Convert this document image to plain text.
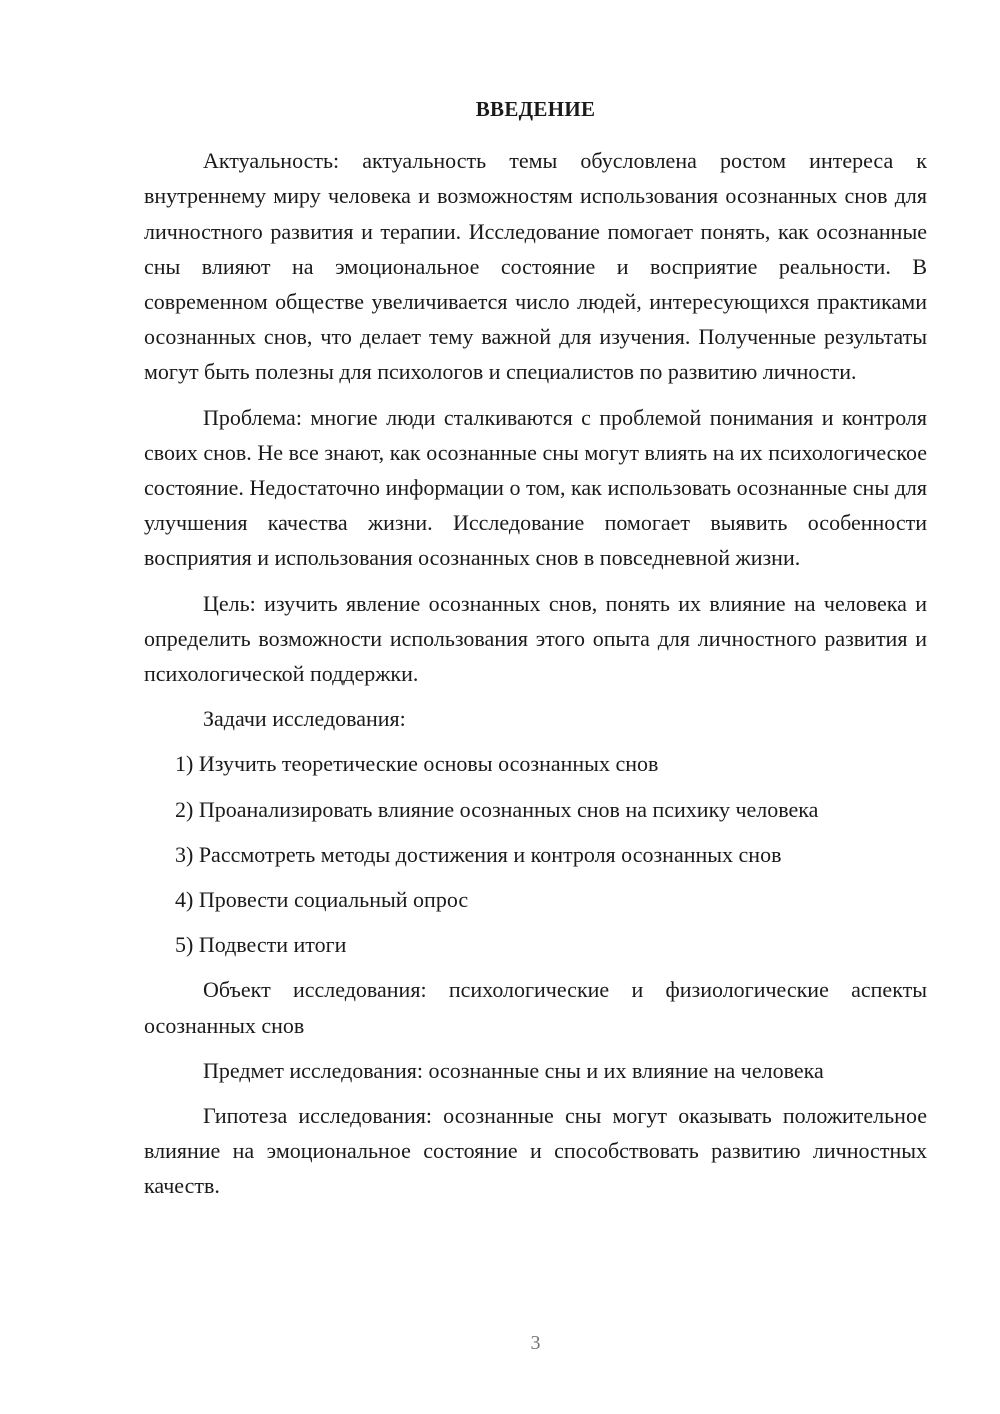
ВВЕДЕНИЕ

Актуальность: актуальность темы обусловлена ростом интереса к внутреннему миру человека и возможностям использования осознанных снов для личностного развития и терапии. Исследование помогает понять, как осознанные сны влияют на эмоциональное состояние и восприятие реальности. В современном обществе увеличивается число людей, интересующихся практиками осознанных снов, что делает тему важной для изучения. Полученные результаты могут быть полезны для психологов и специалистов по развитию личности.

Проблема: многие люди сталкиваются с проблемой понимания и контроля своих снов. Не все знают, как осознанные сны могут влиять на их психологическое состояние. Недостаточно информации о том, как использовать осознанные сны для улучшения качества жизни. Исследование помогает выявить особенности восприятия и использования осознанных снов в повседневной жизни.

Цель: изучить явление осознанных снов, понять их влияние на человека и определить возможности использования этого опыта для личностного развития и психологической поддержки.

Задачи исследования:

1) Изучить теоретические основы осознанных снов
2) Проанализировать влияние осознанных снов на психику человека
3) Рассмотреть методы достижения и контроля осознанных снов
4) Провести социальный опрос
5) Подвести итоги

Объект исследования: психологические и физиологические аспекты осознанных снов

Предмет исследования: осознанные сны и их влияние на человека

Гипотеза исследования: осознанные сны могут оказывать положительное влияние на эмоциональное состояние и способствовать развитию личностных качеств.

3
